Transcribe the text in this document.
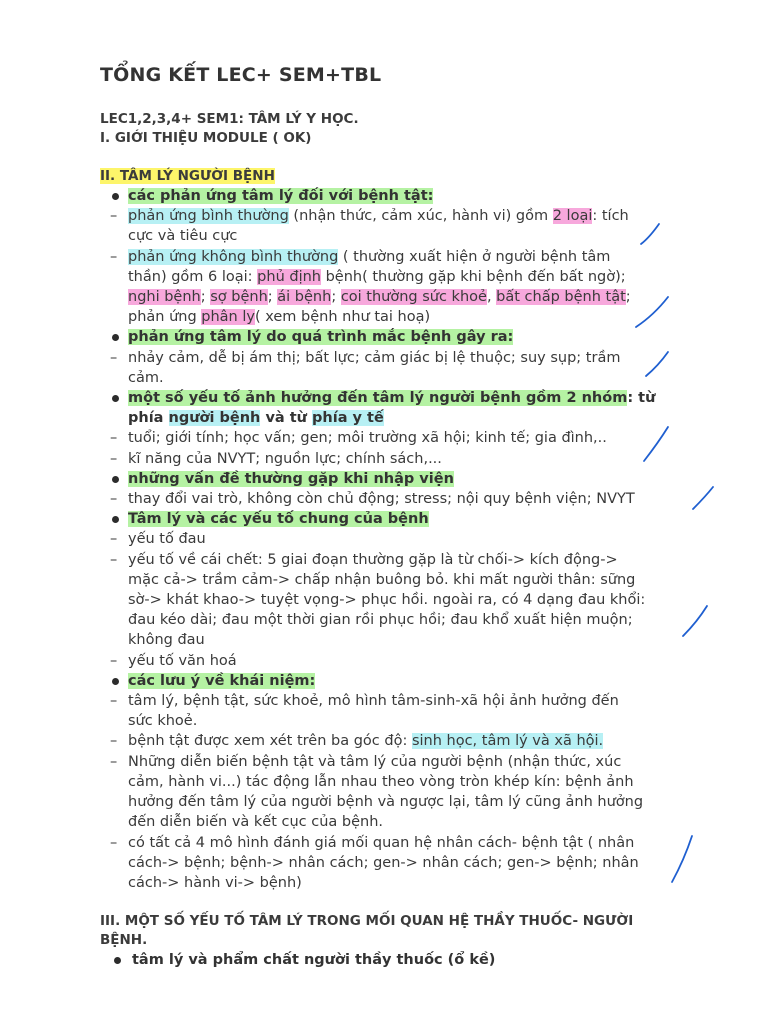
TỔNG KẾT LEC+ SEM+TBL
LEC1,2,3,4+ SEM1: TÂM LÝ Y HỌC.
I. GIỚI THIỆU MODULE ( OK)
II. TÂM LÝ NGƯỜI BỆNH
các phản ứng tâm lý đối với bệnh tật:
– phản ứng bình thường (nhận thức, cảm xúc, hành vi) gồm 2 loại: tích
cực và tiêu cực
– phản ứng không bình thường ( thường xuất hiện ở người bệnh tâm
thần) gồm 6 loại: phủ định bệnh( thường gặp khi bệnh đến bất ngờ);
nghi bệnh; sợ bệnh; ái bệnh; coi thường sức khoẻ, bất chấp bệnh tật;
phản ứng phân ly( xem bệnh như tai hoạ)
phản ứng tâm lý do quá trình mắc bệnh gây ra:
– nhảy cảm, dễ bị ám thị; bất lực; cảm giác bị lệ thuộc; suy sụp; trầm
cảm.
một số yếu tố ảnh hưởng đến tâm lý người bệnh gồm 2 nhóm: từ
phía người bệnh và từ phía y tế
– tuổi; giới tính; học vấn; gen; môi trường xã hội; kinh tế; gia đình,..
– kĩ năng của NVYT; nguồn lực; chính sách,...
những vấn đề thường gặp khi nhập viện
– thay đổi vai trò, không còn chủ động; stress; nội quy bệnh viện; NVYT
Tâm lý và các yếu tố chung của bệnh
– yếu tố đau
– yếu tố về cái chết: 5 giai đoạn thường gặp là từ chối-> kích động->
mặc cả-> trầm cảm-> chấp nhận buông bỏ. khi mất người thân: sững
sờ-> khát khao-> tuyệt vọng-> phục hồi. ngoài ra, có 4 dạng đau khổi:
đau kéo dài; đau một thời gian rồi phục hồi; đau khổ xuất hiện muộn;
không đau
– yếu tố văn hoá
các lưu ý về khái niệm:
– tâm lý, bệnh tật, sức khoẻ, mô hình tâm-sinh-xã hội ảnh hưởng đến
sức khoẻ.
– bệnh tật được xem xét trên ba góc độ: sinh học, tâm lý và xã hội.
– Những diễn biến bệnh tật và tâm lý của người bệnh (nhận thức, xúc
cảm, hành vi...) tác động lẫn nhau theo vòng tròn khép kín: bệnh ảnh
hưởng đến tâm lý của người bệnh và ngược lại, tâm lý cũng ảnh hưởng
đến diễn biến và kết cục của bệnh.
– có tất cả 4 mô hình đánh giá mối quan hệ nhân cách- bệnh tật ( nhân
cách-> bệnh; bệnh-> nhân cách; gen-> nhân cách; gen-> bệnh; nhân
cách-> hành vi-> bệnh)
III. MỘT SỐ YẾU TỐ TÂM LÝ TRONG MỐI QUAN HỆ THẦY THUỐC- NGƯỜI
BỆNH.
tâm lý và phẩm chất người thầy thuốc (ổ kề)
